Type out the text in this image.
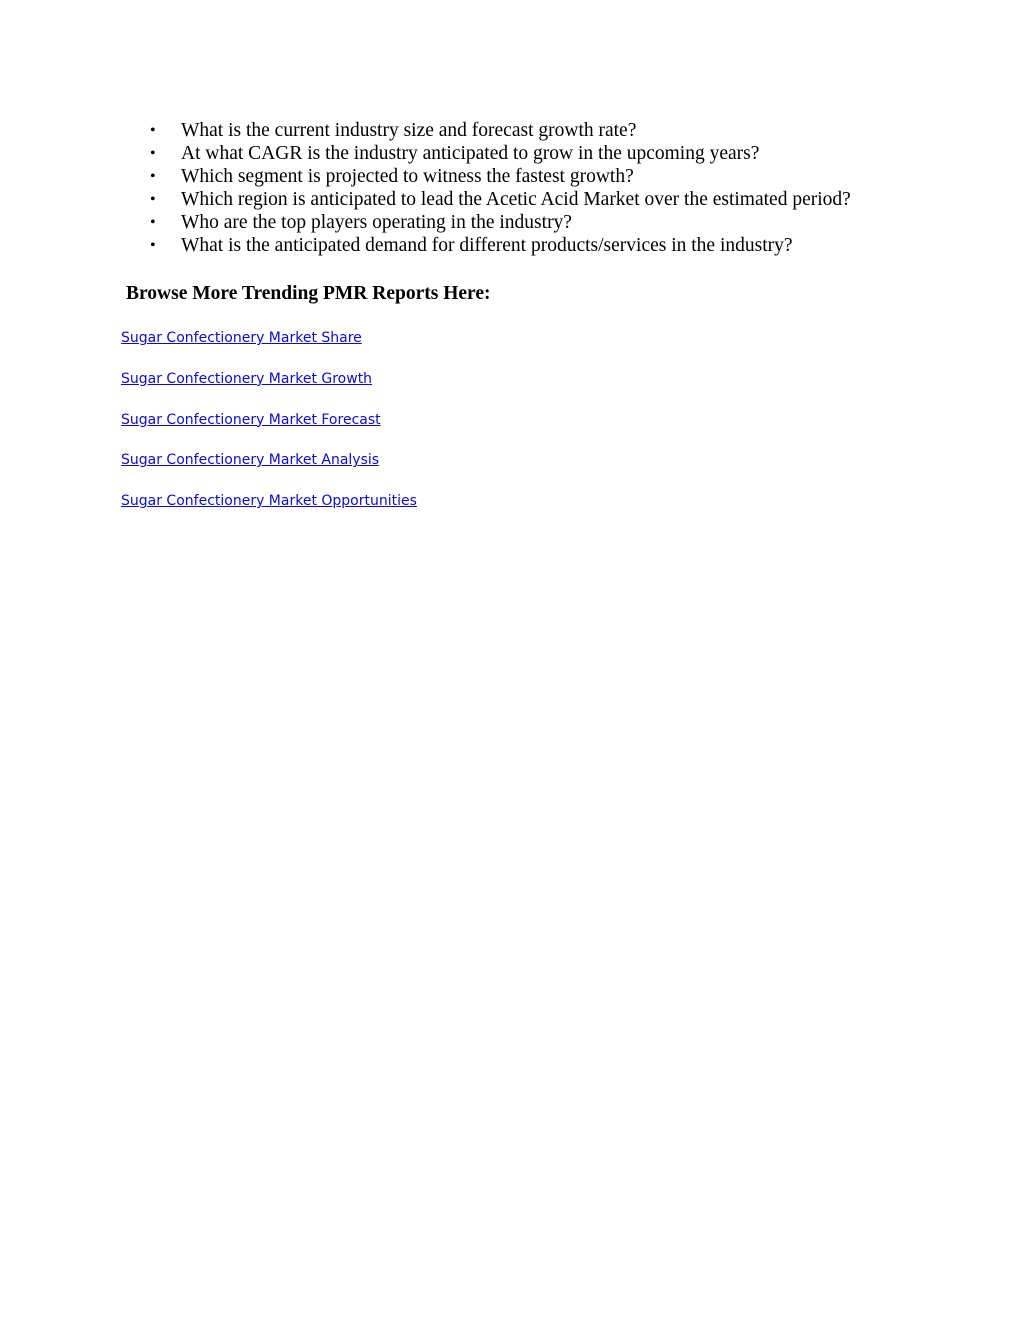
• What is the current industry size and forecast growth rate?
• At what CAGR is the industry anticipated to grow in the upcoming years?
• Which segment is projected to witness the fastest growth?
• Which region is anticipated to lead the Acetic Acid Market over the estimated period?
• Who are the top players operating in the industry?
• What is the anticipated demand for different products/services in the industry?
Browse More Trending PMR Reports Here:
Sugar Confectionery Market Share
Sugar Confectionery Market Growth
Sugar Confectionery Market Forecast
Sugar Confectionery Market Analysis
Sugar Confectionery Market Opportunities
